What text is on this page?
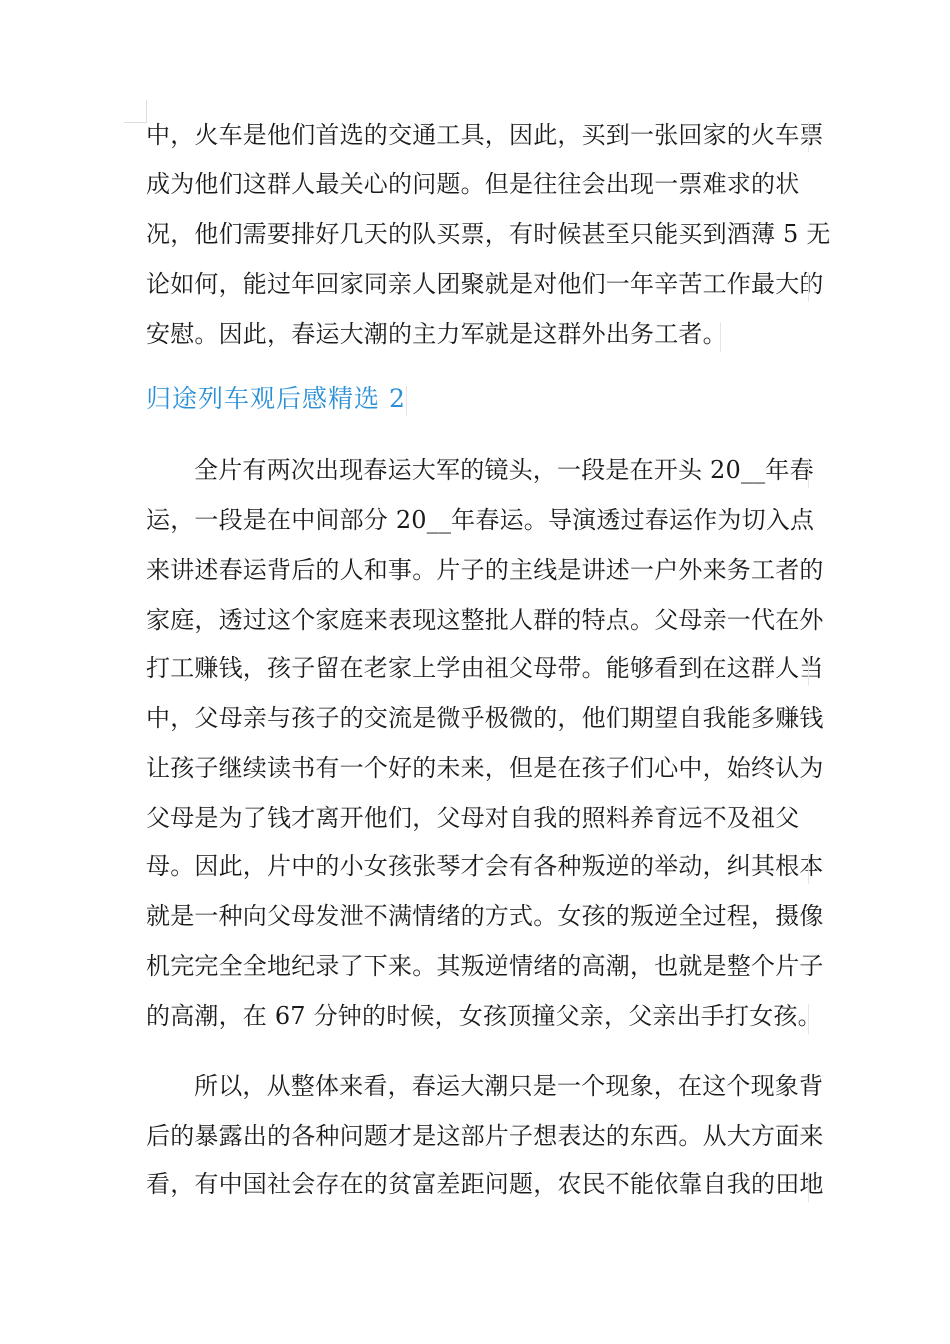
中，火车是他们首选的交通工具，因此，买到一张回家的火车票
成为他们这群人最关心的问题。但是往往会出现一票难求的状
况，他们需要排好几天的队买票，有时候甚至只能买到酒薄 5 无
论如何，能过年回家同亲人团聚就是对他们一年辛苦工作最大的
安慰。因此，春运大潮的主力军就是这群外出务工者。
归途列车观后感精选 2
全片有两次出现春运大军的镜头，一段是在开头 20__年春
运，一段是在中间部分 20__年春运。导演透过春运作为切入点
来讲述春运背后的人和事。片子的主线是讲述一户外来务工者的
家庭，透过这个家庭来表现这整批人群的特点。父母亲一代在外
打工赚钱，孩子留在老家上学由祖父母带。能够看到在这群人当
中，父母亲与孩子的交流是微乎极微的，他们期望自我能多赚钱
让孩子继续读书有一个好的未来，但是在孩子们心中，始终认为
父母是为了钱才离开他们，父母对自我的照料养育远不及祖父
母。因此，片中的小女孩张琴才会有各种叛逆的举动，纠其根本
就是一种向父母发泄不满情绪的方式。女孩的叛逆全过程，摄像
机完完全全地纪录了下来。其叛逆情绪的高潮，也就是整个片子
的高潮，在 67 分钟的时候，女孩顶撞父亲，父亲出手打女孩。
所以，从整体来看，春运大潮只是一个现象，在这个现象背
后的暴露出的各种问题才是这部片子想表达的东西。从大方面来
看，有中国社会存在的贫富差距问题，农民不能依靠自我的田地
